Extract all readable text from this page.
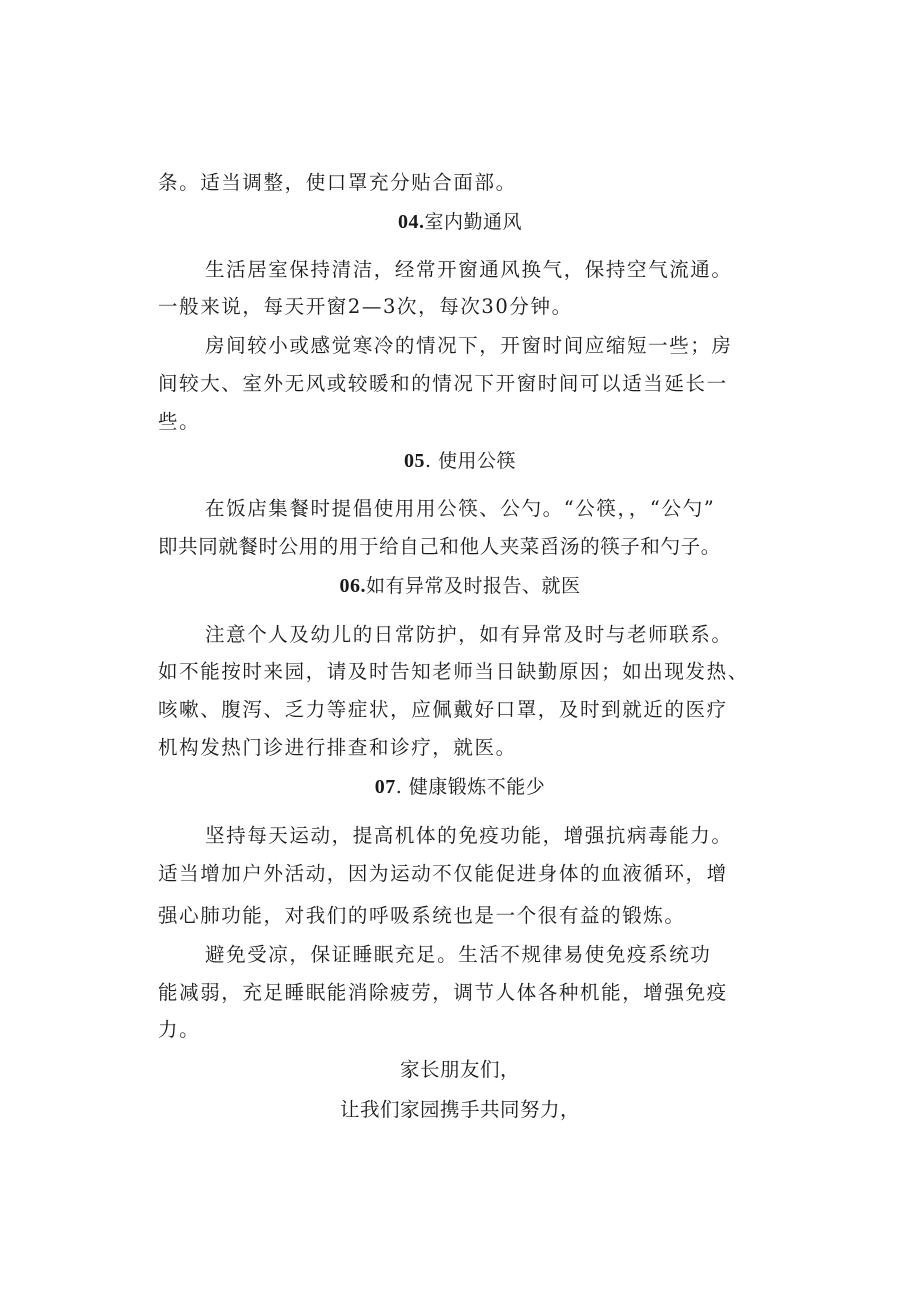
条。适当调整，使口罩充分贴合面部。
04.室内勤通风
生活居室保持清洁，经常开窗通风换气，保持空气流通。
一般来说，每天开窗2—3次，每次30分钟。
房间较小或感觉寒冷的情况下，开窗时间应缩短一些；房
间较大、室外无风或较暖和的情况下开窗时间可以适当延长一
些。
05. 使用公筷
在饭店集餐时提倡使用用公筷、公勺。“公筷，，“公勺”
即共同就餐时公用的用于给自己和他人夹菜舀汤的筷子和勺子。
06.如有异常及时报告、就医
注意个人及幼儿的日常防护，如有异常及时与老师联系。
如不能按时来园，请及时告知老师当日缺勤原因；如出现发热、
咳嗽、腹泻、乏力等症状，应佩戴好口罩，及时到就近的医疗
机构发热门诊进行排查和诊疗，就医。
07. 健康锻炼不能少
坚持每天运动，提高机体的免疫功能，增强抗病毒能力。
适当增加户外活动，因为运动不仅能促进身体的血液循环，增
强心肺功能，对我们的呼吸系统也是一个很有益的锻炼。
避免受凉，保证睡眠充足。生活不规律易使免疫系统功
能减弱，充足睡眠能消除疲劳，调节人体各种机能，增强免疫
力。
家长朋友们，
让我们家园携手共同努力，
